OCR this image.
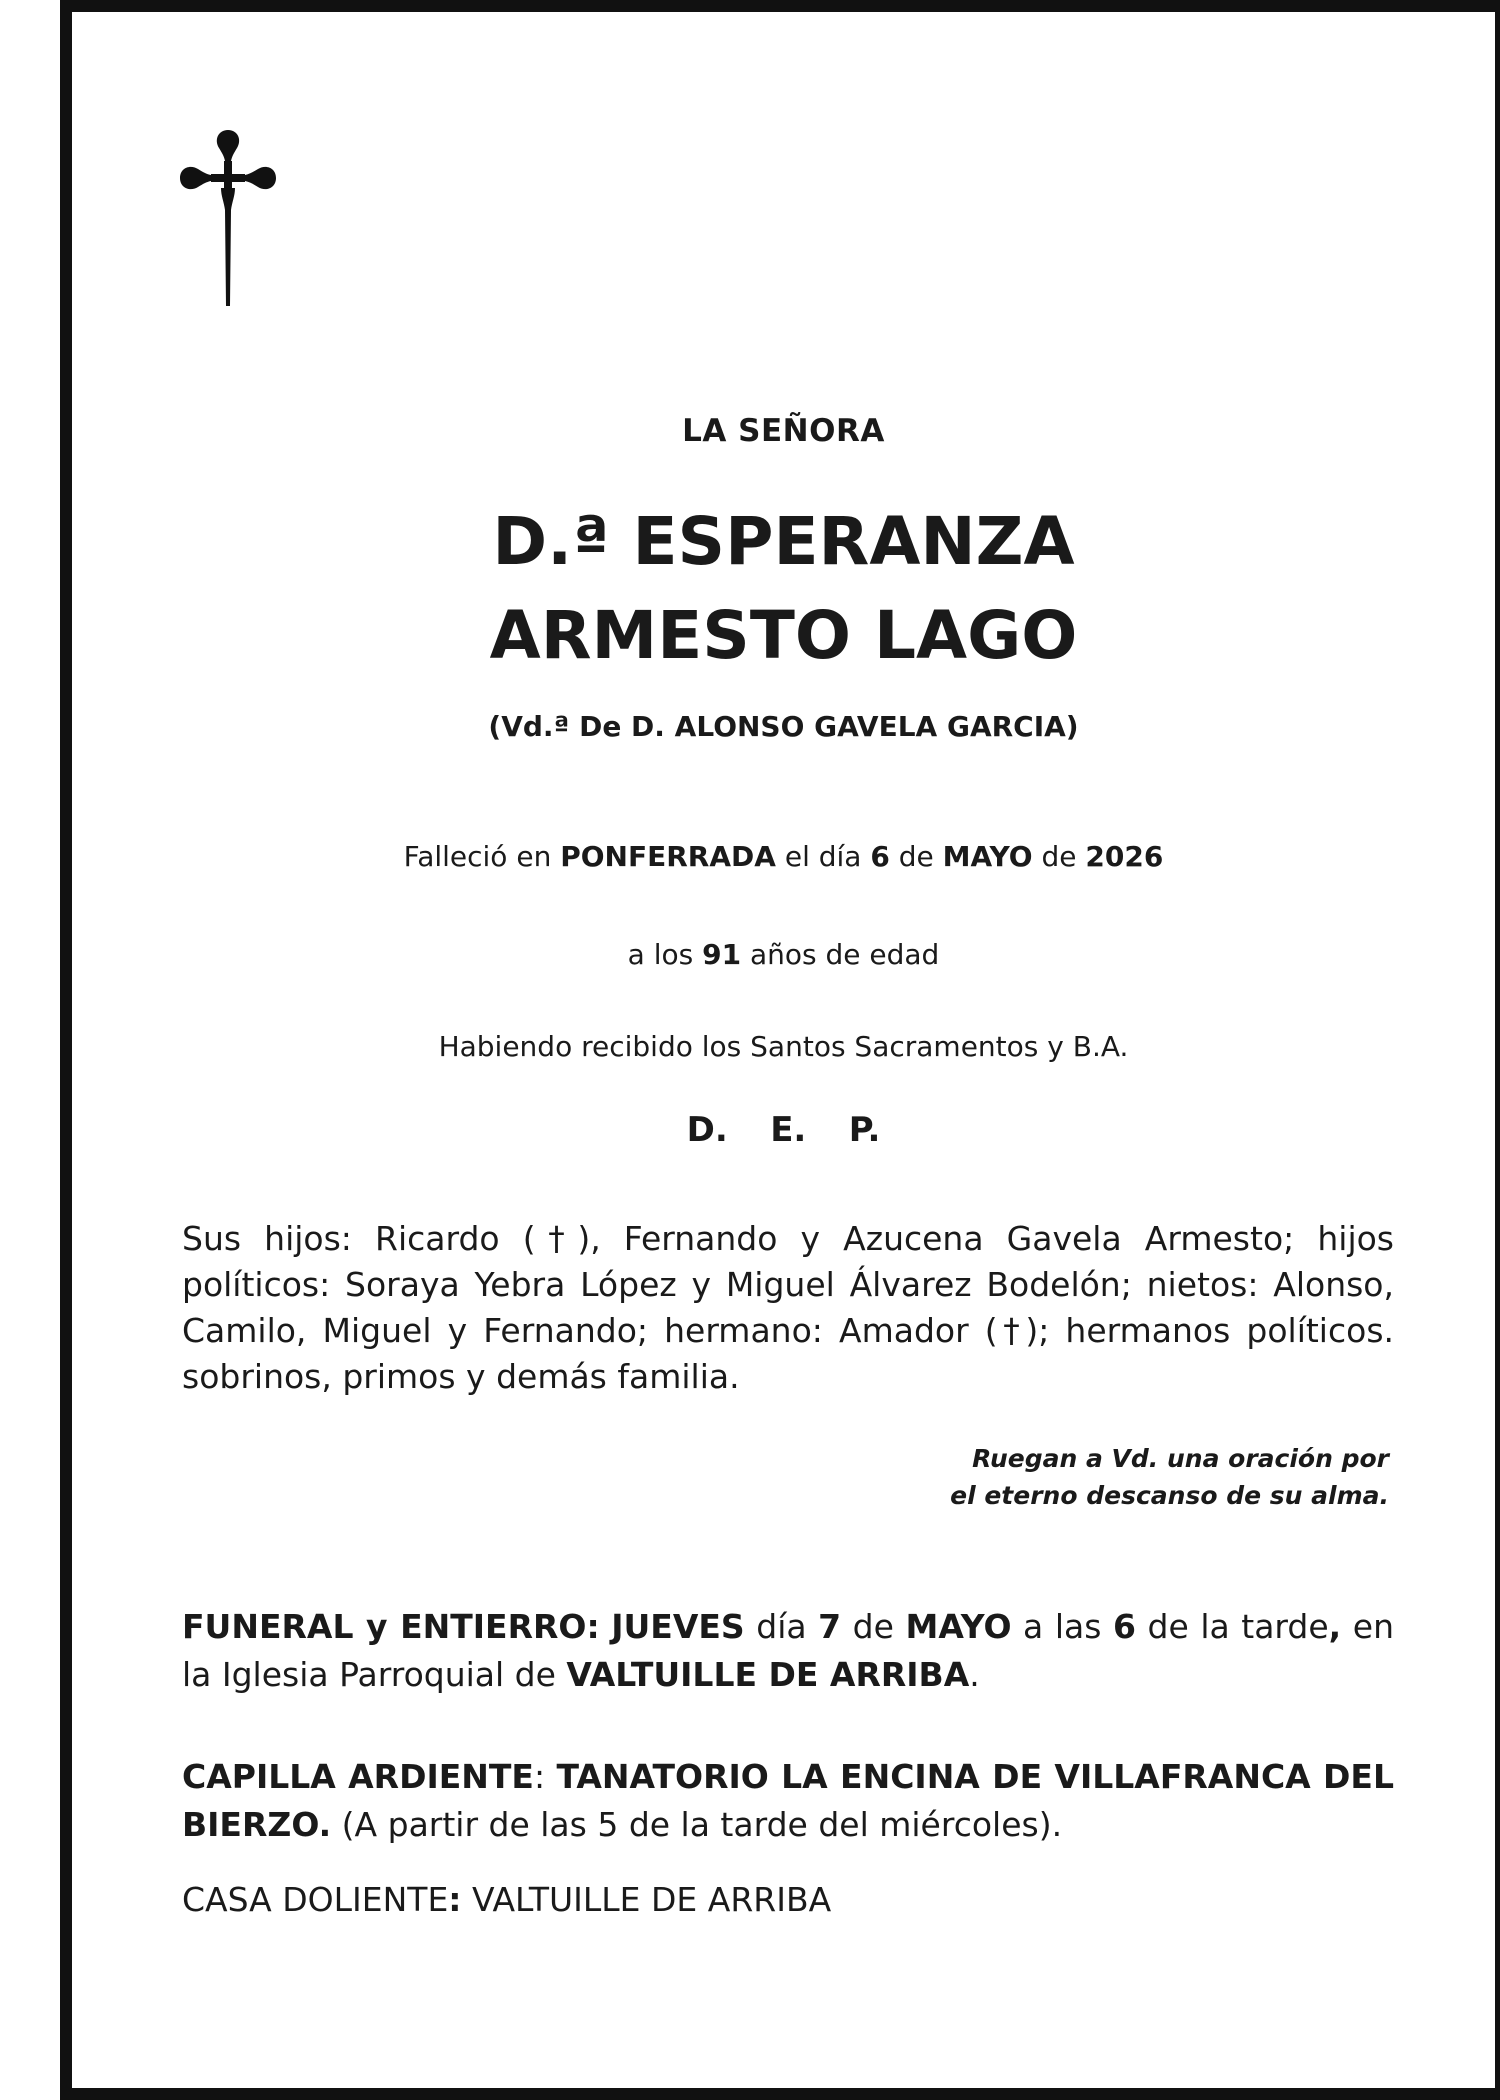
LA SEÑORA

D.ª ESPERANZA
ARMESTO LAGO

(Vd.ª De D. ALONSO GAVELA GARCIA)

Falleció en PONFERRADA el día 6 de MAYO de 2026

a los 91 años de edad

Habiendo recibido los Santos Sacramentos y B.A.

D. E. P.

Sus hijos: Ricardo (†), Fernando y Azucena Gavela Armesto; hijos políticos: Soraya Yebra López y Miguel Álvarez Bodelón; nietos: Alonso, Camilo, Miguel y Fernando; hermano: Amador (†); hermanos políticos. sobrinos, primos y demás familia.

Ruegan a Vd. una oración por
el eterno descanso de su alma.

FUNERAL y ENTIERRO: JUEVES día 7 de MAYO a las 6 de la tarde, en la Iglesia Parroquial de VALTUILLE DE ARRIBA.

CAPILLA ARDIENTE: TANATORIO LA ENCINA DE VILLAFRANCA DEL BIERZO. (A partir de las 5 de la tarde del miércoles).

CASA DOLIENTE: VALTUILLE DE ARRIBA
